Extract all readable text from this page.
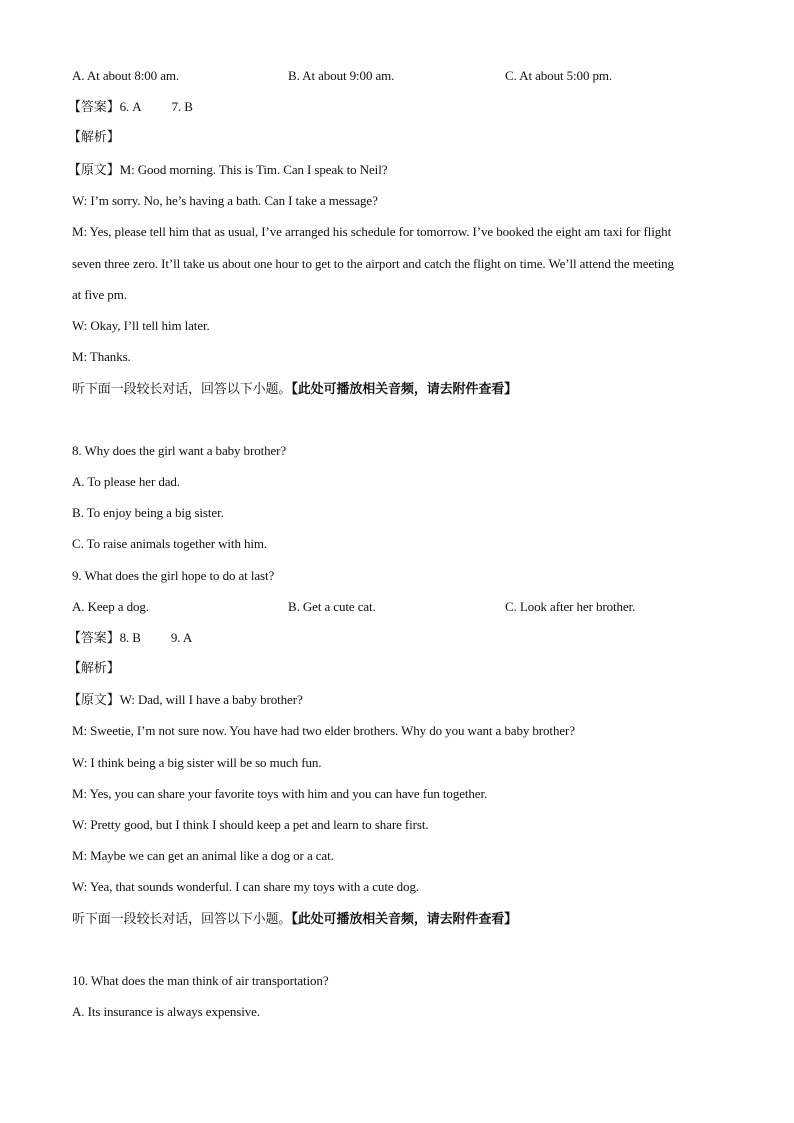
A. At about 8:00 am.	B. At about 9:00 am.	C. At about 5:00 pm.
【答案】6. A 7. B
【解析】
【原文】M: Good morning. This is Tim. Can I speak to Neil?
W: I’m sorry. No, he’s having a bath. Can I take a message?
M: Yes, please tell him that as usual, I’ve arranged his schedule for tomorrow. I’ve booked the eight am taxi for flight
seven three zero. It’ll take us about one hour to get to the airport and catch the flight on time. We’ll attend the meeting
at five pm.
W: Okay, I’ll tell him later.
M: Thanks.
听下面一段较长对话，回答以下小题。【此处可播放相关音频，请去附件查看】
8. Why does the girl want a baby brother?
A. To please her dad.
B. To enjoy being a big sister.
C. To raise animals together with him.
9. What does the girl hope to do at last?
A. Keep a dog.	B. Get a cute cat.	C. Look after her brother.
【答案】8. B 9. A
【解析】
【原文】W: Dad, will I have a baby brother?
M: Sweetie, I’m not sure now. You have had two elder brothers. Why do you want a baby brother?
W: I think being a big sister will be so much fun.
M: Yes, you can share your favorite toys with him and you can have fun together.
W: Pretty good, but I think I should keep a pet and learn to share first.
M: Maybe we can get an animal like a dog or a cat.
W: Yea, that sounds wonderful. I can share my toys with a cute dog.
听下面一段较长对话，回答以下小题。【此处可播放相关音频，请去附件查看】
10. What does the man think of air transportation?
A. Its insurance is always expensive.
